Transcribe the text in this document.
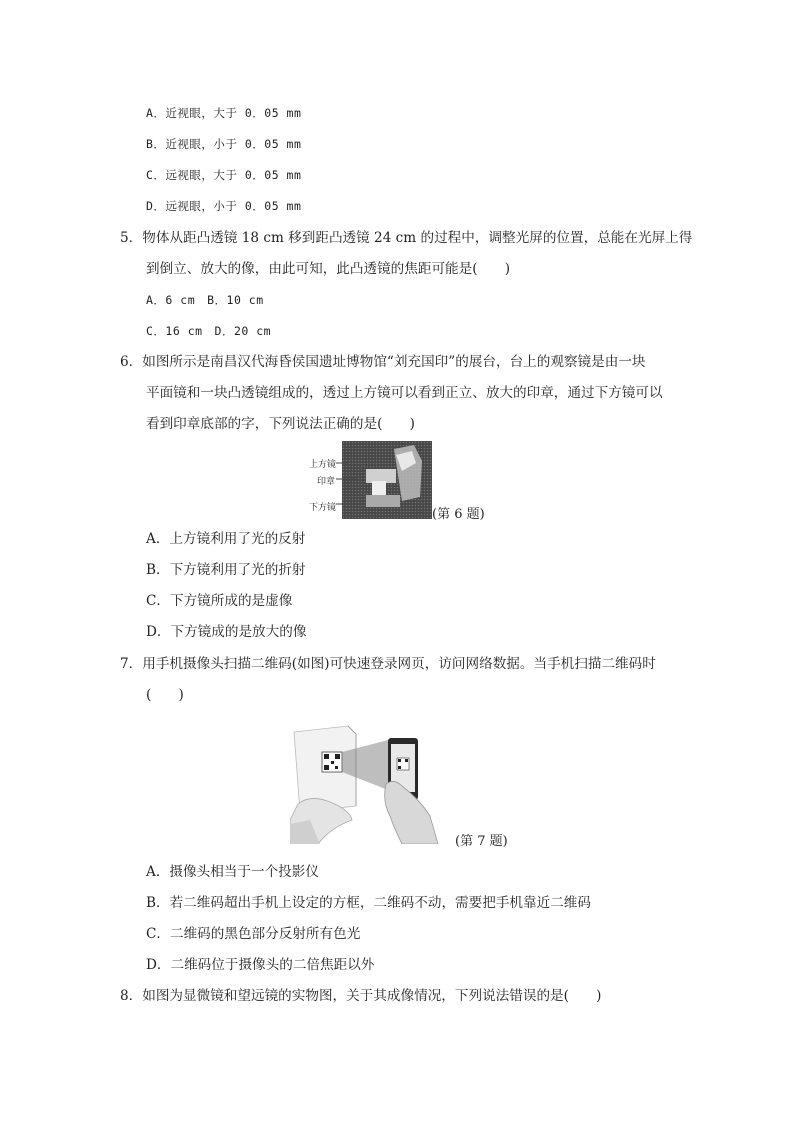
A．近视眼，大于 0．05 mm
B．近视眼，小于 0．05 mm
C．远视眼，大于 0．05 mm
D．远视眼，小于 0．05 mm
5．物体从距凸透镜 18 cm 移到距凸透镜 24 cm 的过程中，调整光屏的位置，总能在光屏上得
到倒立、放大的像，由此可知，此凸透镜的焦距可能是(　　)
A．6 cm　B．10 cm
C．16 cm　D．20 cm
6．如图所示是南昌汉代海昏侯国遗址博物馆“刘充国印”的展台，台上的观察镜是由一块
平面镜和一块凸透镜组成的，透过上方镜可以看到正立、放大的印章，通过下方镜可以
看到印章底部的字，下列说法正确的是(　　)
上方镜
印章
下方镜	(第 6 题)
A．上方镜利用了光的反射
B．下方镜利用了光的折射
C．下方镜所成的是虚像
D．下方镜成的是放大的像
7．用手机摄像头扫描二维码(如图)可快速登录网页，访问网络数据。当手机扫描二维码时
(　　)
(第 7 题)
A．摄像头相当于一个投影仪
B．若二维码超出手机上设定的方框，二维码不动，需要把手机靠近二维码
C．二维码的黑色部分反射所有色光
D．二维码位于摄像头的二倍焦距以外
8．如图为显微镜和望远镜的实物图，关于其成像情况，下列说法错误的是(　　)
